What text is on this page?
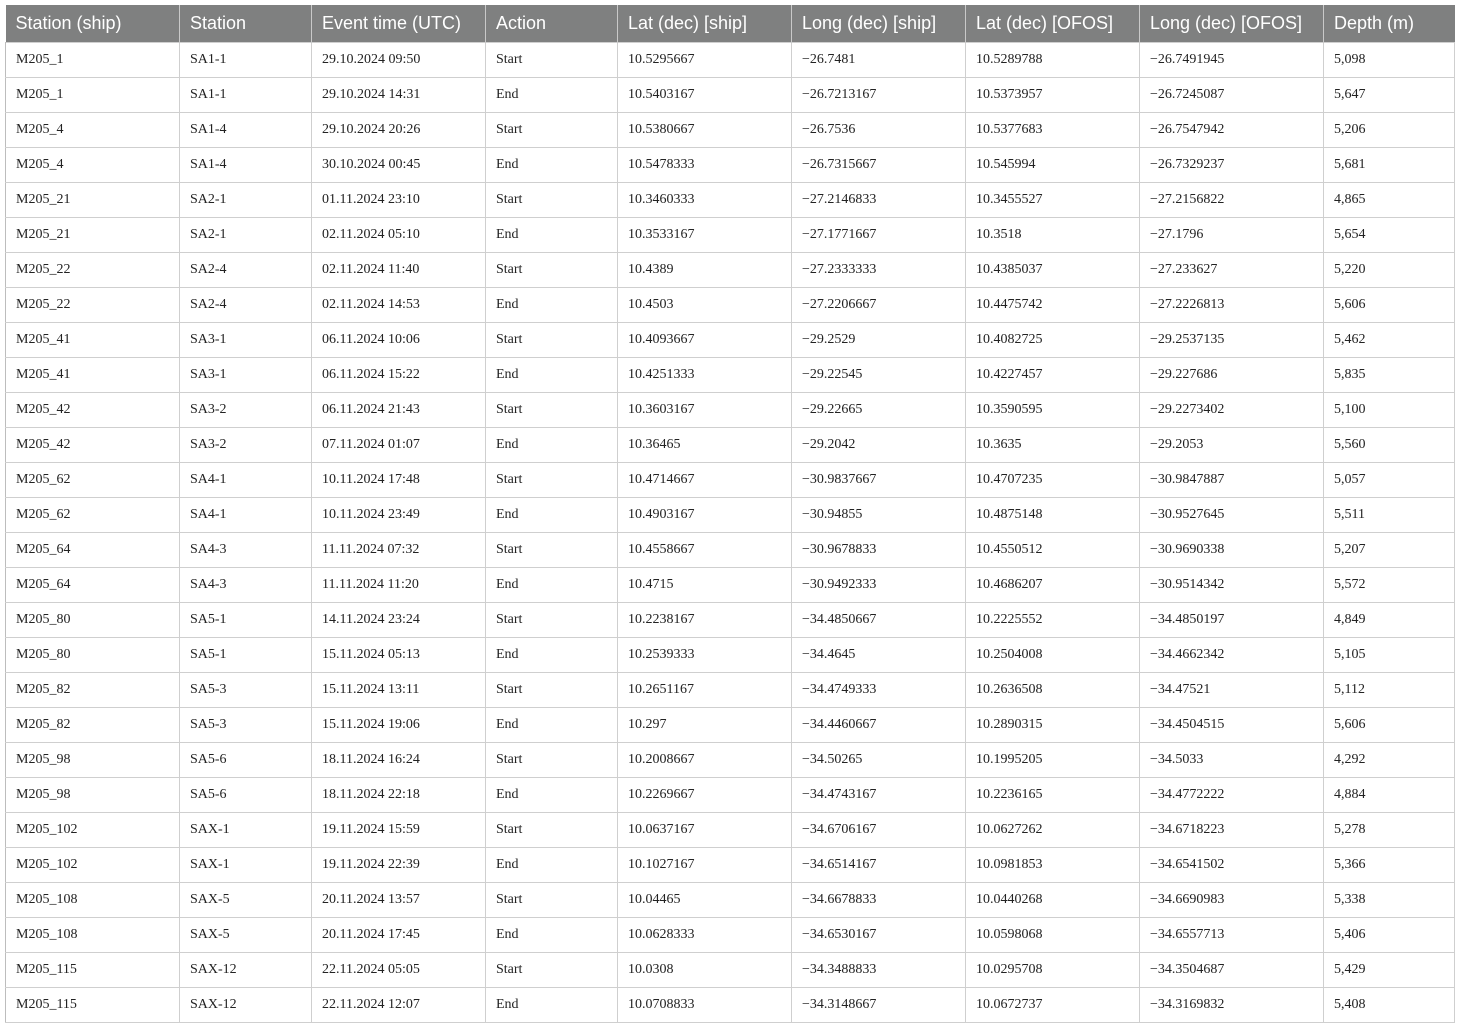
Station (ship)	Station	Event time (UTC)	Action	Lat (dec) [ship]	Long (dec) [ship]	Lat (dec) [OFOS]	Long (dec) [OFOS]	Depth (m)
M205_1	SA1-1	29.10.2024 09:50	Start	10.5295667	−26.7481	10.5289788	−26.7491945	5,098
M205_1	SA1-1	29.10.2024 14:31	End	10.5403167	−26.7213167	10.5373957	−26.7245087	5,647
M205_4	SA1-4	29.10.2024 20:26	Start	10.5380667	−26.7536	10.5377683	−26.7547942	5,206
M205_4	SA1-4	30.10.2024 00:45	End	10.5478333	−26.7315667	10.545994	−26.7329237	5,681
M205_21	SA2-1	01.11.2024 23:10	Start	10.3460333	−27.2146833	10.3455527	−27.2156822	4,865
M205_21	SA2-1	02.11.2024 05:10	End	10.3533167	−27.1771667	10.3518	−27.1796	5,654
M205_22	SA2-4	02.11.2024 11:40	Start	10.4389	−27.2333333	10.4385037	−27.233627	5,220
M205_22	SA2-4	02.11.2024 14:53	End	10.4503	−27.2206667	10.4475742	−27.2226813	5,606
M205_41	SA3-1	06.11.2024 10:06	Start	10.4093667	−29.2529	10.4082725	−29.2537135	5,462
M205_41	SA3-1	06.11.2024 15:22	End	10.4251333	−29.22545	10.4227457	−29.227686	5,835
M205_42	SA3-2	06.11.2024 21:43	Start	10.3603167	−29.22665	10.3590595	−29.2273402	5,100
M205_42	SA3-2	07.11.2024 01:07	End	10.36465	−29.2042	10.3635	−29.2053	5,560
M205_62	SA4-1	10.11.2024 17:48	Start	10.4714667	−30.9837667	10.4707235	−30.9847887	5,057
M205_62	SA4-1	10.11.2024 23:49	End	10.4903167	−30.94855	10.4875148	−30.9527645	5,511
M205_64	SA4-3	11.11.2024 07:32	Start	10.4558667	−30.9678833	10.4550512	−30.9690338	5,207
M205_64	SA4-3	11.11.2024 11:20	End	10.4715	−30.9492333	10.4686207	−30.9514342	5,572
M205_80	SA5-1	14.11.2024 23:24	Start	10.2238167	−34.4850667	10.2225552	−34.4850197	4,849
M205_80	SA5-1	15.11.2024 05:13	End	10.2539333	−34.4645	10.2504008	−34.4662342	5,105
M205_82	SA5-3	15.11.2024 13:11	Start	10.2651167	−34.4749333	10.2636508	−34.47521	5,112
M205_82	SA5-3	15.11.2024 19:06	End	10.297	−34.4460667	10.2890315	−34.4504515	5,606
M205_98	SA5-6	18.11.2024 16:24	Start	10.2008667	−34.50265	10.1995205	−34.5033	4,292
M205_98	SA5-6	18.11.2024 22:18	End	10.2269667	−34.4743167	10.2236165	−34.4772222	4,884
M205_102	SAX-1	19.11.2024 15:59	Start	10.0637167	−34.6706167	10.0627262	−34.6718223	5,278
M205_102	SAX-1	19.11.2024 22:39	End	10.1027167	−34.6514167	10.0981853	−34.6541502	5,366
M205_108	SAX-5	20.11.2024 13:57	Start	10.04465	−34.6678833	10.0440268	−34.6690983	5,338
M205_108	SAX-5	20.11.2024 17:45	End	10.0628333	−34.6530167	10.0598068	−34.6557713	5,406
M205_115	SAX-12	22.11.2024 05:05	Start	10.0308	−34.3488833	10.0295708	−34.3504687	5,429
M205_115	SAX-12	22.11.2024 12:07	End	10.0708833	−34.3148667	10.0672737	−34.3169832	5,408
